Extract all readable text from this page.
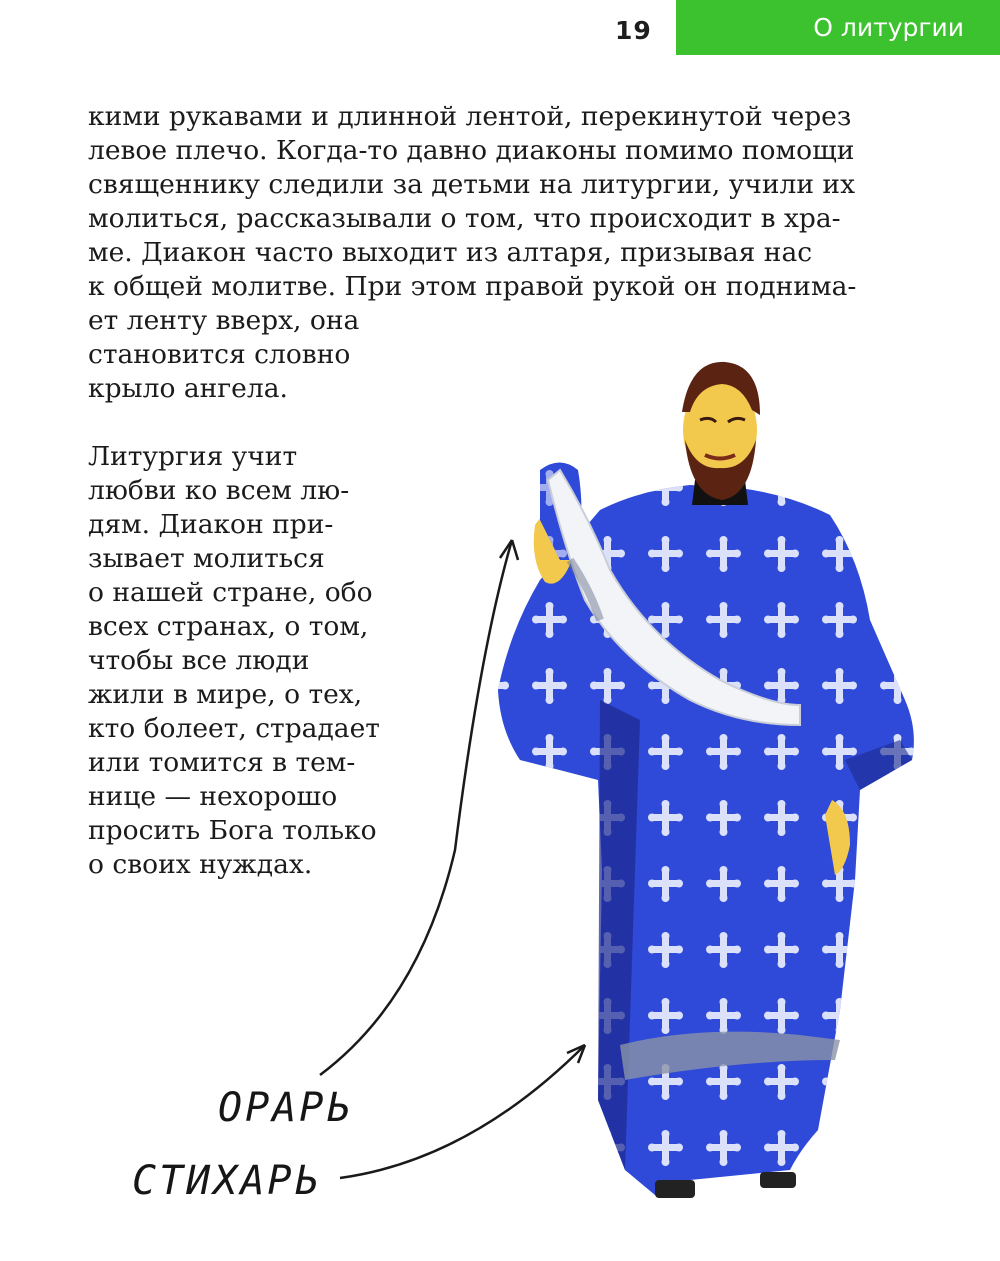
19	О литургии
кими рукавами и длинной лентой, перекинутой через
левое плечо. Когда-то давно диаконы помимо помощи
священнику следили за детьми на литургии, учили их
молиться, рассказывали о том, что происходит в хра-
ме. Диакон часто выходит из алтаря, призывая нас
к общей молитве. При этом правой рукой он поднима-
ет ленту вверх, она
становится словно
крыло ангела.
Литургия учит
любви ко всем лю-
дям. Диакон при-
зывает молиться
о нашей стране, обо
всех странах, о том,
чтобы все люди
жили в мире, о тех,
кто болеет, страдает
или томится в тем-
нице — нехорошо
просить Бога только
о своих нуждах.
ОРАРЬ
СТИХАРЬ
